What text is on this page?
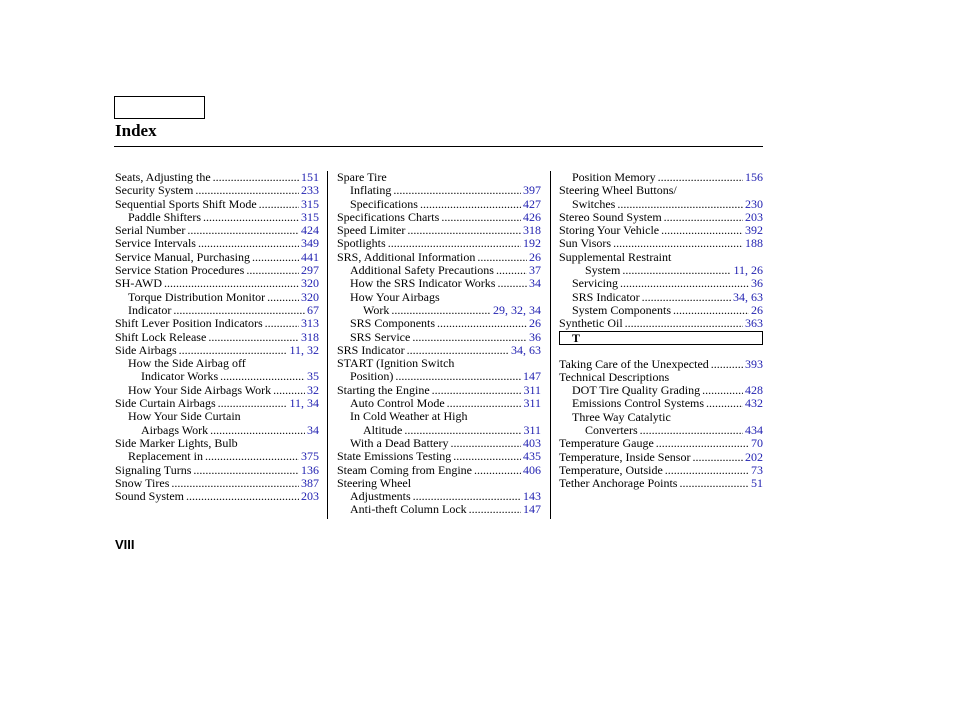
Index
Seats, Adjusting the .....	151
Security System .....	233
Sequential Sports Shift Mode .....	315
Paddle Shifters .....	315
Serial Number .....	424
Service Intervals .....	349
Service Manual, Purchasing .....	441
Service Station Procedures .....	297
SH-AWD .....	320
Torque Distribution Monitor .....	320
Indicator .....	67
Shift Lever Position Indicators .....	313
Shift Lock Release .....	318
Side Airbags .....	11, 32
How the Side Airbag off
Indicator Works .....	35
How Your Side Airbags Work .....	32
Side Curtain Airbags .....	11, 34
How Your Side Curtain
Airbags Work .....	34
Side Marker Lights, Bulb
Replacement in .....	375
Signaling Turns .....	136
Snow Tires .....	387
Sound System .....	203
Spare Tire
Inflating .....	397
Specifications .....	427
Specifications Charts .....	426
Speed Limiter .....	318
Spotlights .....	192
SRS, Additional Information .....	26
Additional Safety Precautions .....	37
How the SRS Indicator Works .....	34
How Your Airbags
Work .....	29, 32, 34
SRS Components .....	26
SRS Service .....	36
SRS Indicator .....	34, 63
START (Ignition Switch
Position) .....	147
Starting the Engine .....	311
Auto Control Mode .....	311
In Cold Weather at High
Altitude .....	311
With a Dead Battery .....	403
State Emissions Testing .....	435
Steam Coming from Engine .....	406
Steering Wheel
Adjustments .....	143
Anti-theft Column Lock .....	147
Position Memory .....	156
Steering Wheel Buttons/
Switches .....	230
Stereo Sound System .....	203
Storing Your Vehicle .....	392
Sun Visors .....	188
Supplemental Restraint
System .....	11, 26
Servicing .....	36
SRS Indicator .....	34, 63
System Components .....	26
Synthetic Oil .....	363
T
Taking Care of the Unexpected .....	393
Technical Descriptions
DOT Tire Quality Grading .....	428
Emissions Control Systems .....	432
Three Way Catalytic
Converters .....	434
Temperature Gauge .....	70
Temperature, Inside Sensor .....	202
Temperature, Outside .....	73
Tether Anchorage Points .....	51
VIII
